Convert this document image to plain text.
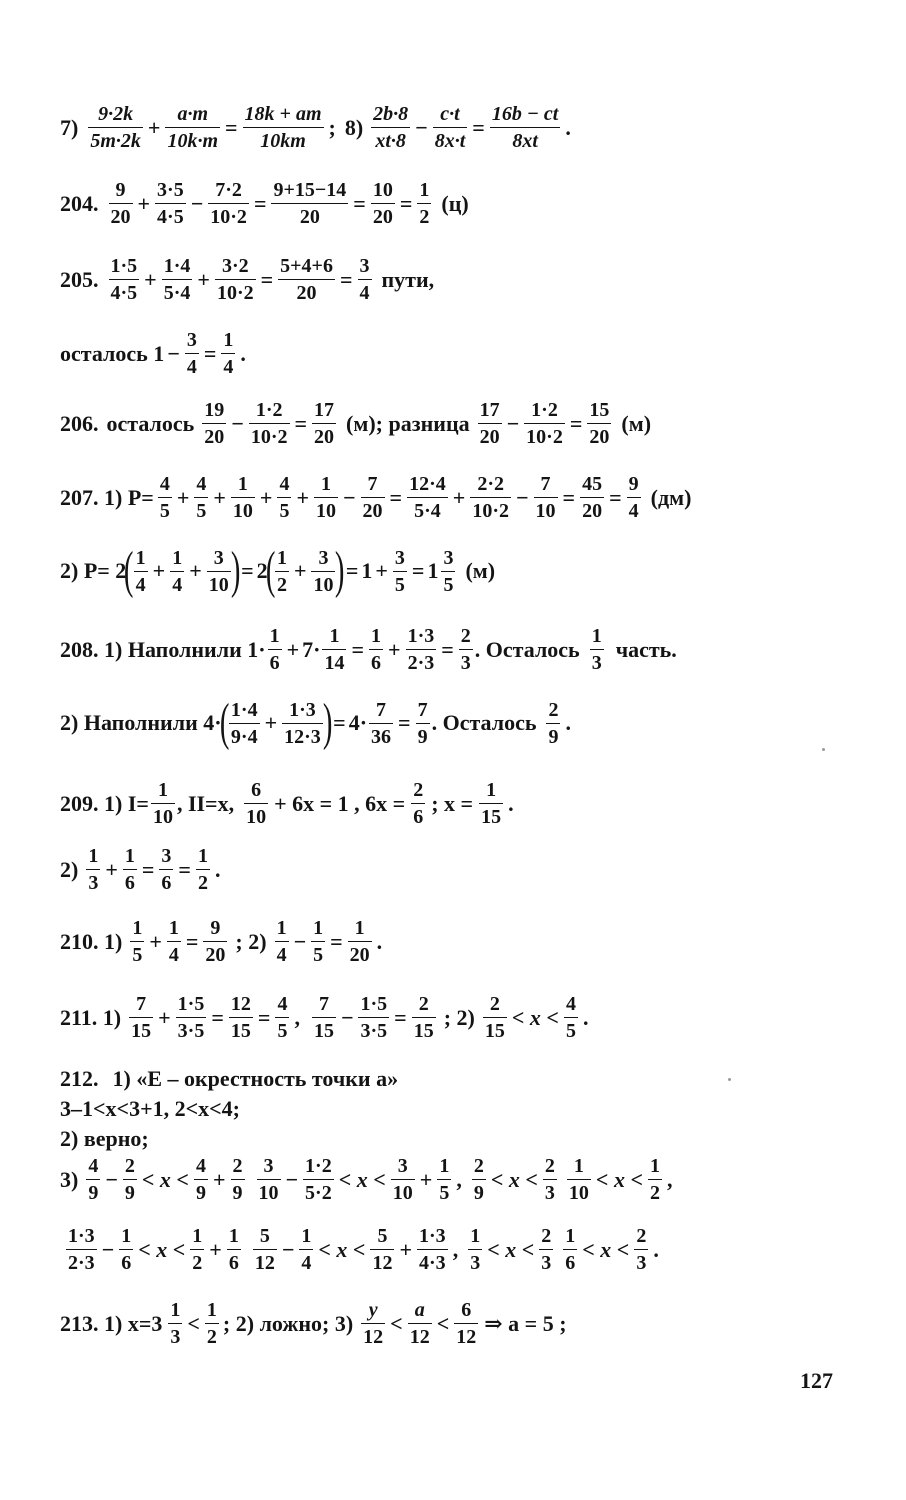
7)
9·2k
5m·2k
+ $\frac{a\cdot m}{10k\cdot m} = \frac{18k + am}{10km}$ ; 8)
2b·8
xt·8
− $\frac{c\cdot t}{8x\cdot t} = \frac{16b - ct}{8xt}$ .
204.
9
20
+ $\frac{3\cdot 5}{4\cdot 5} - \frac{7\cdot 2}{10\cdot 2} = \frac{9+15-14}{20} = \frac{10}{20} = \frac{1}{2} (ц)$
205.
1·5
4·5
+ $\frac{1\cdot 4}{5\cdot 4} + \frac{3\cdot 2}{10\cdot 2} = \frac{5+4+6}{20} = \frac{3}{4}$ пути,
осталось $1 - \frac{3}{4} = \frac{1}{4}$ .
206. осталось
19
20
− $\frac{1\cdot 2}{10\cdot 2} = \frac{17}{20} (м)$; разница
17
20
− $\frac{1\cdot 2}{10\cdot 2} = \frac{15}{20} (м)$
207. 1) $P= \frac{4}{5} + \frac{4}{5} + \frac{1}{10} + \frac{4}{5} + \frac{1}{10} - \frac{7}{20} = \frac{12\cdot 4}{5\cdot 4} + \frac{2\cdot 2}{10\cdot 2} - \frac{7}{10} = \frac{45}{20} = \frac{9}{4} (дм)$
2) P= 2
( 1
4
+ $\frac{1}{4} + \frac{3}{10}$ ) = 2
( 1
2
+ $\frac{3}{10}$ ) = $1 + \frac{3}{5} = 1$
3
5
(м)
208. 1) Наполнили 1·
1
6
+ $7\cdot \frac{1}{14} = \frac{1}{6} + \frac{1\cdot 3}{2\cdot 3} = \frac{2}{3}$ . Осталось
1
3
часть.
2) Наполнили 4·
( 1·4
9·4
+ $\frac{1\cdot 3}{12\cdot 3}$ ) = $4\cdot \frac{7}{36} = \frac{7}{9}$ . Осталось
2
9
.
209. 1) $I= \frac{1}{10}$ , II=x,
6
10
+ 6x = 1 , $6x = \frac{2}{6}$ ; $x = \frac{1}{15}$ .
2)
1
3
+ $\frac{1}{6} = \frac{3}{6} = \frac{1}{2}$ .
210. 1)
1
5
+ $\frac{1}{4} = \frac{9}{20}$ ; 2)
1
4
− $\frac{1}{5} = \frac{1}{20}$ .
211. 1)
7
15
+ $\frac{1\cdot 5}{3\cdot 5} = \frac{12}{15} = \frac{4}{5}$ ,
7
15
− $\frac{1\cdot 5}{3\cdot 5} = \frac{2}{15}$ ; 2)
2
15
< x <
4
5
.
212. 1) «E – окрестность точки a»
3–1<x<3+1, 2<x<4;
2) верно;
3)
4
9
− $\frac{2}{9} < x$ <
4
9
+ $\frac{2}{9} 3$
10
− $\frac{1\cdot 2}{5\cdot 2} < x$ <
3
10
+ $\frac{1}{5}$ ,
2
9
< x <
2
3
1
10
< x <
1
2
,
1·3
2·3
− $\frac{1}{6} < x$ <
1
2
+ $\frac{1}{6} 5$
12
− $\frac{1}{4} < x$ <
5
12
+ $\frac{1\cdot 3}{4\cdot 3}$ ,
1
3
< x <
2
3
1
6
< x <
2
3
.
213. 1) x=3
1
3
<
1
2
; 2) ложно; 3)
y
12
<
a
12
<
6
12
⇒ a = 5 ;
127
